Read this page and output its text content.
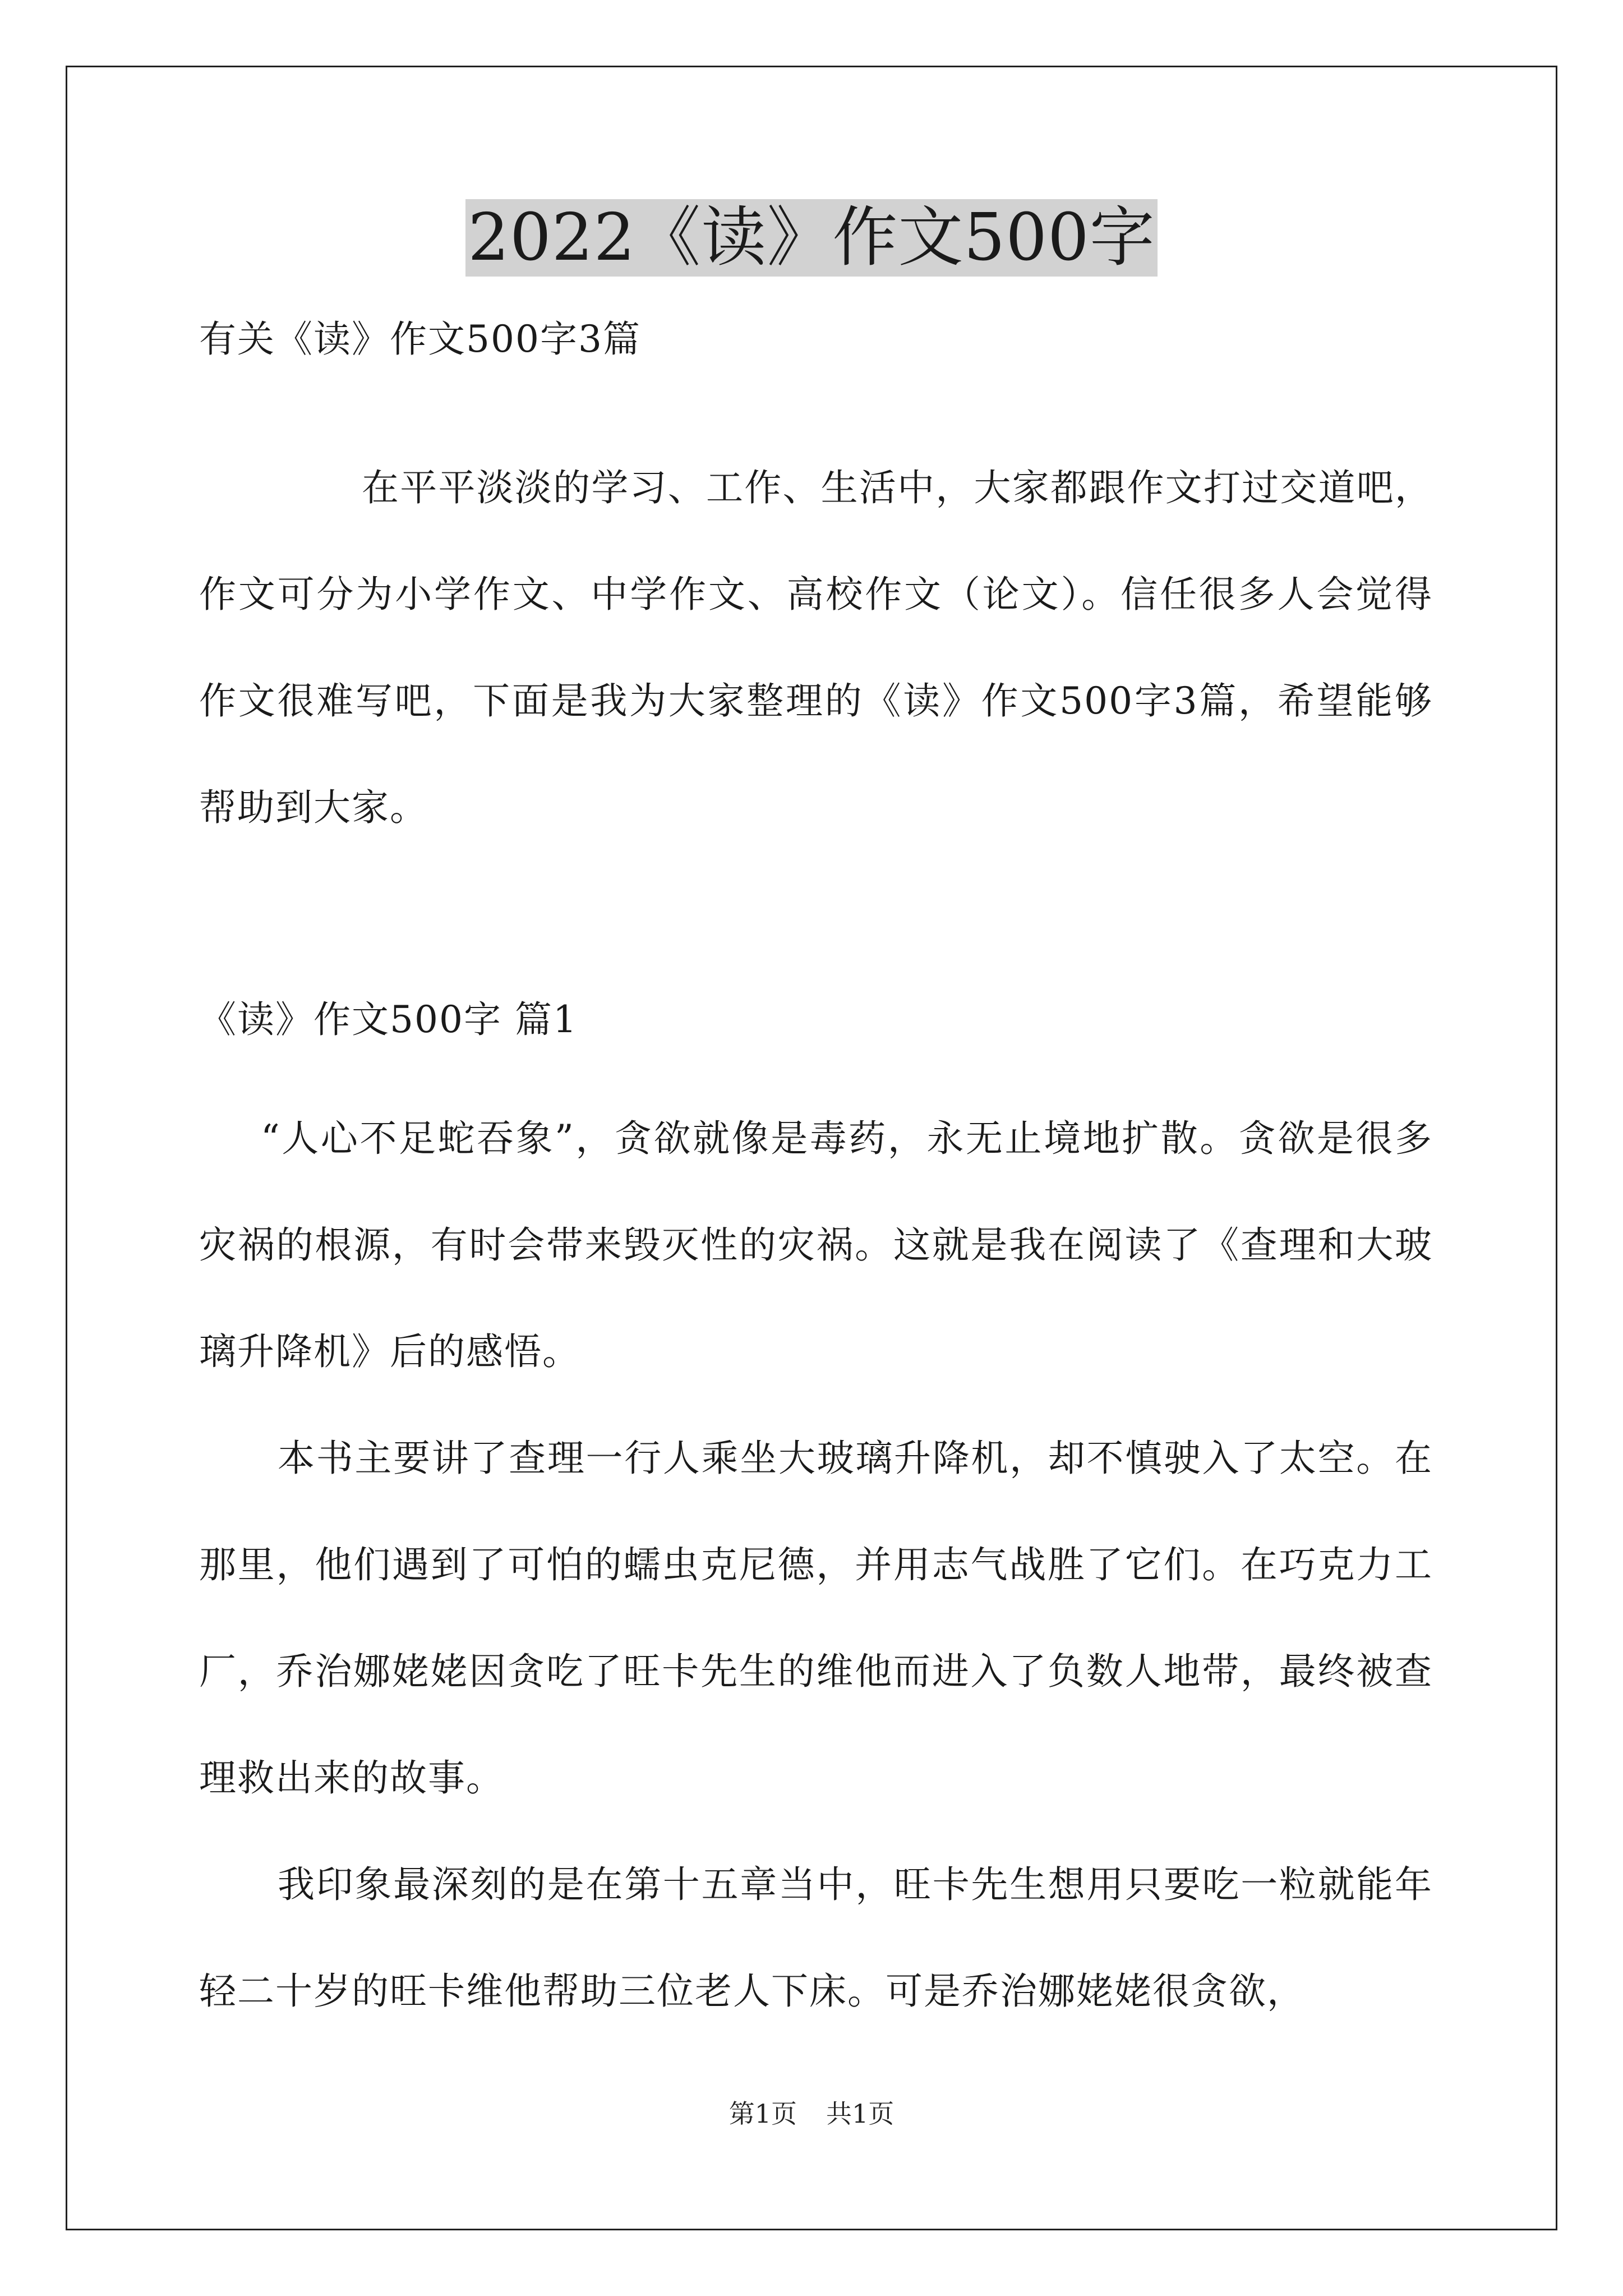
2022《读》作文500字

有关《读》作文500字3篇

在平平淡淡的学习、工作、生活中，大家都跟作文打过交道吧，作文可分为小学作文、中学作文、高校作文（论文）。信任很多人会觉得作文很难写吧，下面是我为大家整理的《读》作文500字3篇，希望能够帮助到大家。

《读》作文500字 篇1

“人心不足蛇吞象”，贪欲就像是毒药，永无止境地扩散。贪欲是很多灾祸的根源，有时会带来毁灭性的灾祸。这就是我在阅读了《查理和大玻璃升降机》后的感悟。

本书主要讲了查理一行人乘坐大玻璃升降机，却不慎驶入了太空。在那里，他们遇到了可怕的蠕虫克尼德，并用志气战胜了它们。在巧克力工厂，乔治娜姥姥因贪吃了旺卡先生的维他而进入了负数人地带，最终被查理救出来的故事。

我印象最深刻的是在第十五章当中，旺卡先生想用只要吃一粒就能年轻二十岁的旺卡维他帮助三位老人下床。可是乔治娜姥姥很贪欲，

第1页 共1页
